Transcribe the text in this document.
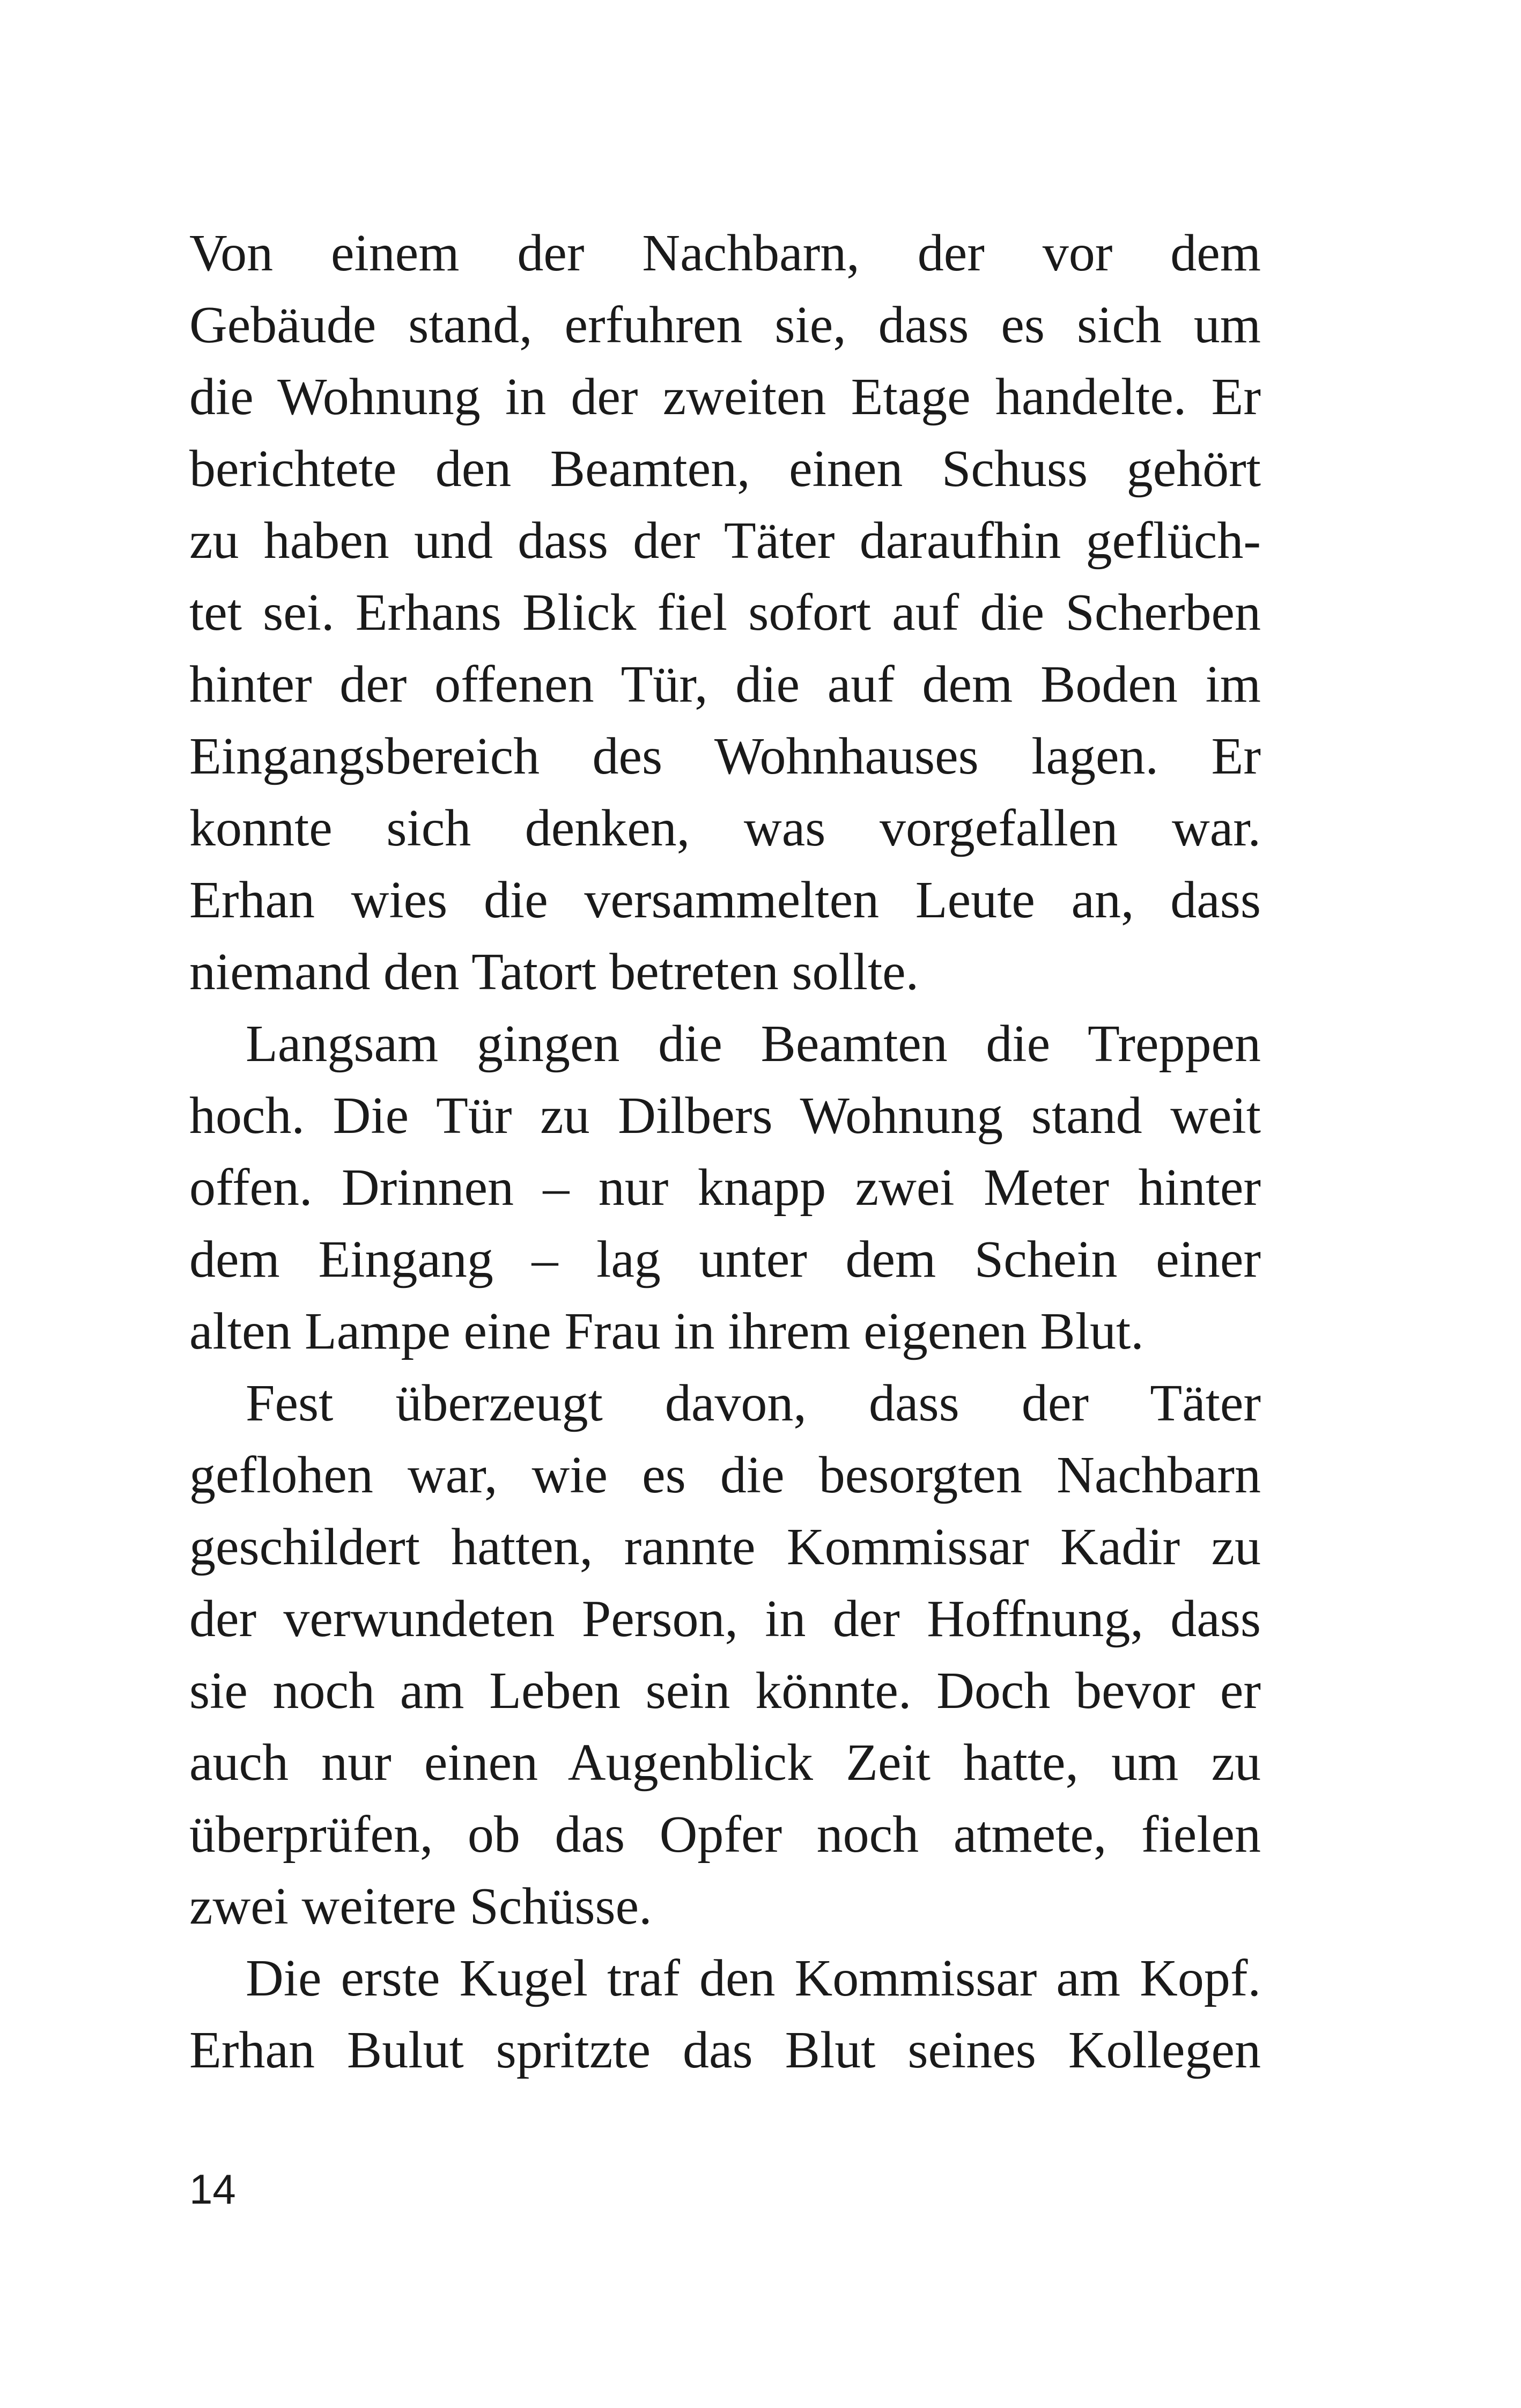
Von einem der Nachbarn, der vor dem
Gebäude stand, erfuhren sie, dass es sich um
die Wohnung in der zweiten Etage handelte. Er
berichtete den Beamten, einen Schuss gehört
zu haben und dass der Täter daraufhin geflüch-
tet sei. Erhans Blick fiel sofort auf die Scherben
hinter der offenen Tür, die auf dem Boden im
Eingangsbereich des Wohnhauses lagen. Er
konnte sich denken, was vorgefallen war.
Erhan wies die versammelten Leute an, dass
niemand den Tatort betreten sollte.
Langsam gingen die Beamten die Treppen
hoch. Die Tür zu Dilbers Wohnung stand weit
offen. Drinnen – nur knapp zwei Meter hinter
dem Eingang – lag unter dem Schein einer
alten Lampe eine Frau in ihrem eigenen Blut.
Fest überzeugt davon, dass der Täter
geflohen war, wie es die besorgten Nachbarn
geschildert hatten, rannte Kommissar Kadir zu
der verwundeten Person, in der Hoffnung, dass
sie noch am Leben sein könnte. Doch bevor er
auch nur einen Augenblick Zeit hatte, um zu
überprüfen, ob das Opfer noch atmete, fielen
zwei weitere Schüsse.
Die erste Kugel traf den Kommissar am Kopf.
Erhan Bulut spritzte das Blut seines Kollegen
14
